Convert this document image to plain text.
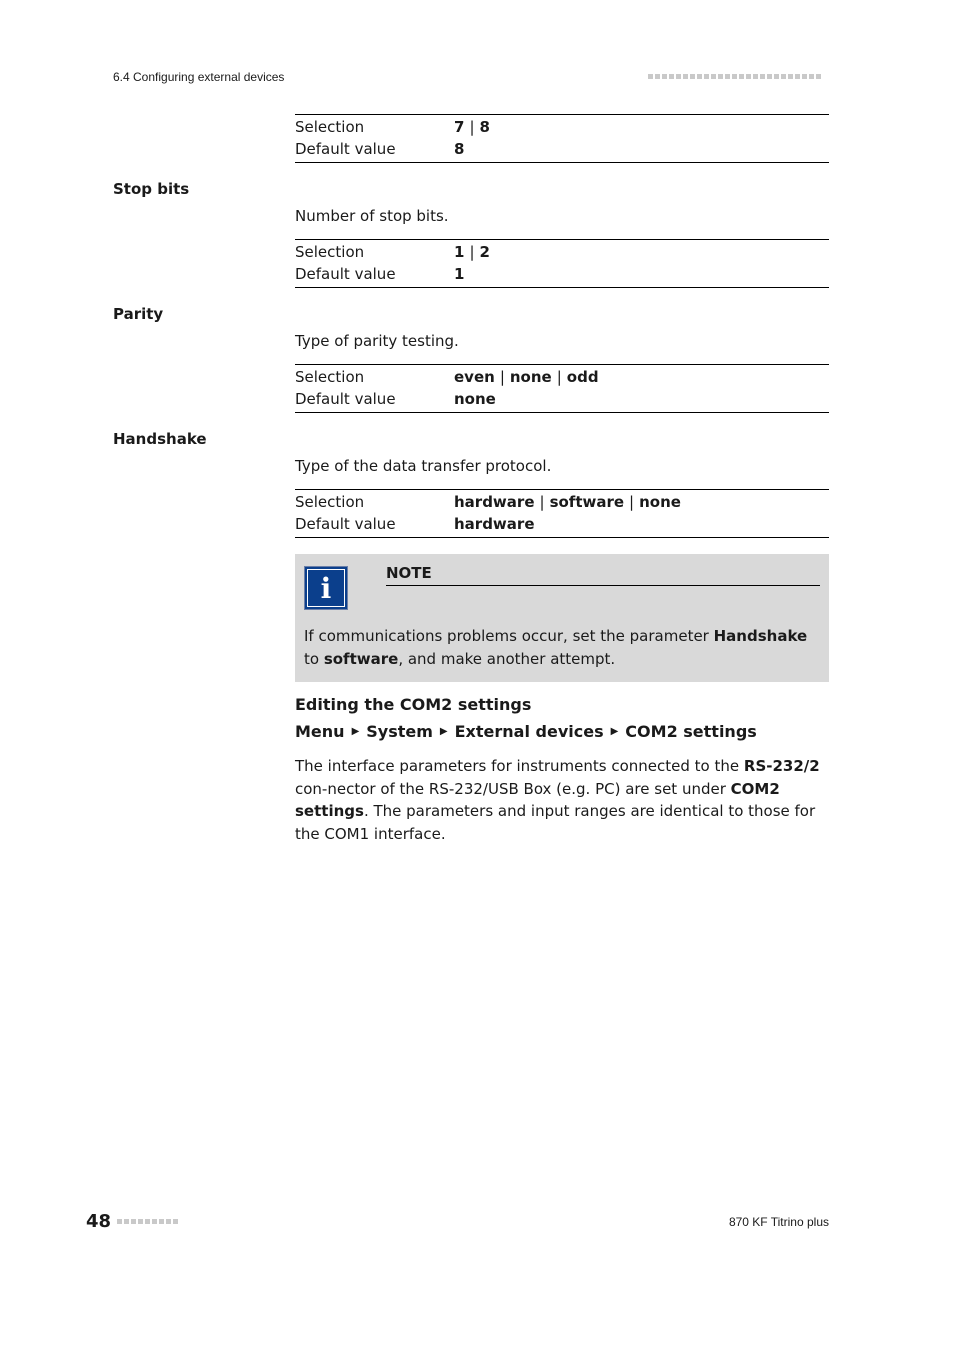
6.4 Configuring external devices
Selection	7 | 8
Default value	8
Stop bits
Number of stop bits.
Selection	1 | 2
Default value	1
Parity
Type of parity testing.
Selection	even | none | odd
Default value	none
Handshake
Type of the data transfer protocol.
Selection	hardware | software | none
Default value	hardware
i	NOTE
If communications problems occur, set the parameter Handshake to software, and make another attempt.
Editing the COM2 settings
Menu ▶ System ▶ External devices ▶ COM2 settings
The interface parameters for instruments connected to the RS-232/2 con-nector of the RS-232/USB Box (e.g. PC) are set under COM2 settings. The parameters and input ranges are identical to those for the COM1 interface.
48	870 KF Titrino plus
